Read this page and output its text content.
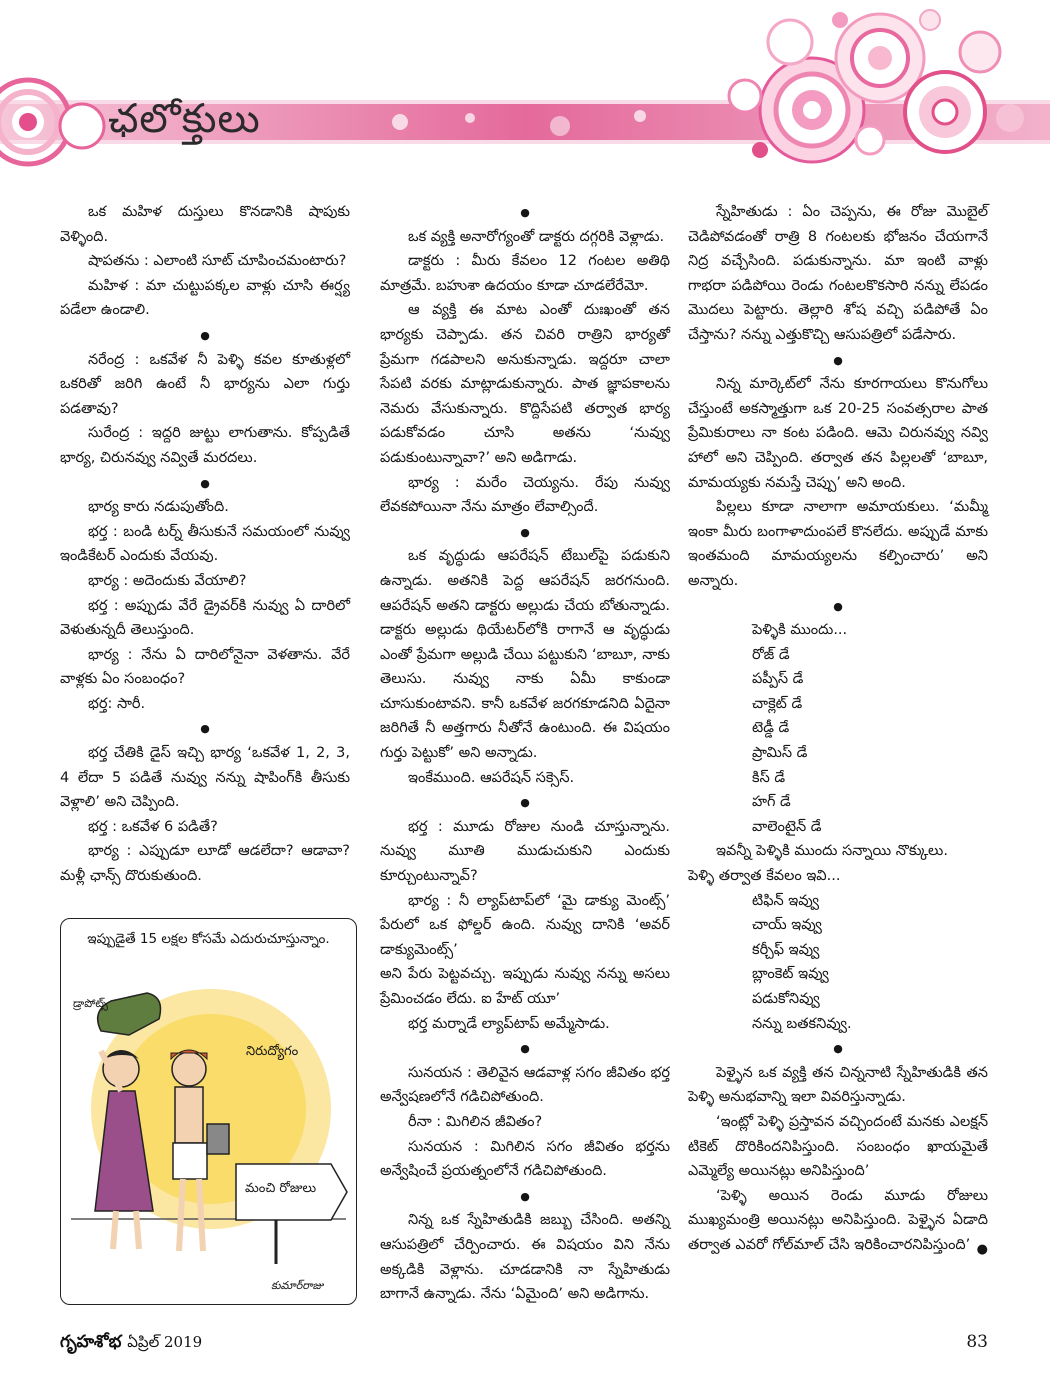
ఛలోక్తులు

ఒక మహిళ దుస్తులు కొనడానికి షాపుకు వెళ్ళింది.

షాపతను : ఎలాంటి సూట్ చూపించమంటారు?

మహిళ : మా చుట్టుపక్కల వాళ్లు చూసి ఈర్ష్య పడేలా ఉండాలి.

●

నరేంద్ర : ఒకవేళ నీ పెళ్ళి కవల కూతుళ్లలో ఒకరితో జరిగి ఉంటే నీ భార్యను ఎలా గుర్తు పడతావు?

సురేంద్ర : ఇద్దరి జుట్టు లాగుతాను. కోప్పడితే భార్య, చిరునవ్వు నవ్వితే మరదలు.

●

భార్య కారు నడుపుతోంది.

భర్త : బండి టర్న్ తీసుకునే సమయంలో నువ్వు ఇండికేటర్ ఎందుకు వేయవు.

భార్య : అదెందుకు వేయాలి?

భర్త : అప్పుడు వేరే డ్రైవర్‌కి నువ్వు ఏ దారిలో వెళుతున్నదీ తెలుస్తుంది.

భార్య : నేను ఏ దారిలోనైనా వెళతాను. వేరే వాళ్లకు ఏం సంబంధం?

భర్త: సారీ.

●

భర్త చేతికి డైస్ ఇచ్చి భార్య ‘ఒకవేళ 1, 2, 3, 4 లేదా 5 పడితే నువ్వు నన్ను షాపింగ్‌కి తీసుకు వెళ్లాలి’ అని చెప్పింది.

భర్త : ఒకవేళ 6 పడితే?

భార్య : ఎప్పుడూ లూడో ఆడలేదా? ఆడావా? మళ్లీ ఛాన్స్ దొరుకుతుంది.

ఇప్పుడైతే 15 లక్షల కోసమే ఎదురుచూస్తున్నాం.
డ్రాపోట్స్
నిరుద్యోగం
మంచి రోజులు
కుమార్‌రాజు
●

ఒక వ్యక్తి అనారోగ్యంతో డాక్టరు దగ్గరికి వెళ్లాడు.

డాక్టరు : మీరు కేవలం 12 గంటల అతిథి మాత్రమే. బహుశా ఉదయం కూడా చూడలేరేమో.

ఆ వ్యక్తి ఈ మాట ఎంతో దుఃఖంతో తన భార్యకు చెప్పాడు. తన చివరి రాత్రిని భార్యతో ప్రేమగా గడపాలని అనుకున్నాడు. ఇద్దరూ చాలా సేపటి వరకు మాట్లాడుకున్నారు. పాత జ్ఞాపకాలను నెమరు వేసుకున్నారు. కొద్దిసేపటి తర్వాత భార్య పడుకోవడం చూసి అతను ‘నువ్వు పడుకుంటున్నావా?’ అని అడిగాడు.

భార్య : మరేం చెయ్యను. రేపు నువ్వు లేవకపోయినా నేను మాత్రం లేవాల్సిందే.

●

ఒక వృద్ధుడు ఆపరేషన్ టేబుల్‌పై పడుకుని ఉన్నాడు. అతనికి పెద్ద ఆపరేషన్ జరగనుంది. ఆపరేషన్ అతని డాక్టరు అల్లుడు చేయ బోతున్నాడు. డాక్టరు అల్లుడు థియేటర్‌లోకి రాగానే ఆ వృద్ధుడు ఎంతో ప్రేమగా అల్లుడి చేయి పట్టుకుని ‘బాబూ, నాకు తెలుసు. నువ్వు నాకు ఏమీ కాకుండా చూసుకుంటావని. కానీ ఒకవేళ జరగకూడనిది ఏదైనా జరిగితే నీ అత్తగారు నీతోనే ఉంటుంది. ఈ విషయం గుర్తు పెట్టుకో’ అని అన్నాడు.

ఇంకేముంది. ఆపరేషన్ సక్సెస్.

●

భర్త : మూడు రోజుల నుండి చూస్తున్నాను. నువ్వు మూతి ముడుచుకుని ఎందుకు కూర్చుంటున్నావ్?

భార్య : నీ ల్యాప్‌టాప్‌లో ‘మై డాక్యు మెంట్స్’ పేరులో ఒక ఫోల్డర్ ఉంది. నువ్వు దానికి ‘అవర్ డాక్యుమెంట్స్’

అని పేరు పెట్టవచ్చు. ఇప్పుడు నువ్వు నన్ను అసలు ప్రేమించడం లేదు. ఐ హేట్ యూ’

భర్త మర్నాడే ల్యాప్‌టాప్ అమ్మేసాడు.

●

సునయన : తెలివైన ఆడవాళ్ల సగం జీవితం భర్త అన్వేషణలోనే గడిచిపోతుంది.

రీనా : మిగిలిన జీవితం?

సునయన : మిగిలిన సగం జీవితం భర్తను అన్వేషించే ప్రయత్నంలోనే గడిచిపోతుంది.

●

నిన్న ఒక స్నేహితుడికి జబ్బు చేసింది. అతన్ని ఆసుపత్రిలో చేర్పించారు. ఈ విషయం విని నేను అక్కడికి వెళ్లాను. చూడడానికి నా స్నేహితుడు బాగానే ఉన్నాడు. నేను ‘ఏమైంది’ అని అడిగాను.

స్నేహితుడు : ఏం చెప్పను, ఈ రోజు మొబైల్ చెడిపోవడంతో రాత్రి 8 గంటలకు భోజనం చేయగానే నిద్ర వచ్చేసింది. పడుకున్నాను. మా ఇంటి వాళ్లు గాభరా పడిపోయి రెండు గంటలకొకసారి నన్ను లేపడం మొదలు పెట్టారు. తెల్లారి శోష వచ్చి పడిపోతే ఏం చేస్తాను? నన్ను ఎత్తుకొచ్చి ఆసుపత్రిలో పడేసారు.

●

నిన్న మార్కెట్‌లో నేను కూరగాయలు కొనుగోలు చేస్తుంటే అకస్మాత్తుగా ఒక 20-25 సంవత్సరాల పాత ప్రేమికురాలు నా కంట పడింది. ఆమె చిరునవ్వు నవ్వి హాలో అని చెప్పింది. తర్వాత తన పిల్లలతో ‘బాబూ, మామయ్యకు నమస్తే చెప్పు’ అని అంది.

పిల్లలు కూడా నాలాగా అమాయకులు. ‘మమ్మీ ఇంకా మీరు బంగాళాదుంపలే కొనలేదు. అప్పుడే మాకు ఇంతమంది మామయ్యలను కల్పించారు’ అని అన్నారు.

●

పెళ్ళికి ముందు...

రోజ్ డే

పప్పీస్ డే

చాక్లెట్ డే

టెడ్డీ డే

ప్రామిస్ డే

కిస్ డే

హగ్ డే

వాలెంటైన్ డే

ఇవన్నీ పెళ్ళికి ముందు సన్నాయి నొక్కులు.

పెళ్ళి తర్వాత కేవలం ఇవి...

టిఫిన్ ఇవ్వు

చాయ్ ఇవ్వు

కర్చీఫ్ ఇవ్వు

బ్లాంకెట్ ఇవ్వు

పడుకోనివ్వు

నన్ను బతకనివ్వు.

●

పెళ్ళైన ఒక వ్యక్తి తన చిన్ననాటి స్నేహితుడికి తన పెళ్ళి అనుభవాన్ని ఇలా వివరిస్తున్నాడు.

‘ఇంట్లో పెళ్ళి ప్రస్తావన వచ్చిందంటే మనకు ఎలక్షన్ టికెట్ దొరికిందనిపిస్తుంది. సంబంధం ఖాయమైతే ఎమ్మెల్యే అయినట్లు అనిపిస్తుంది’

‘పెళ్ళి అయిన రెండు మూడు రోజులు ముఖ్యమంత్రి అయినట్లు అనిపిస్తుంది. పెళ్ళైన ఏడాది తర్వాత ఎవరో గోల్‌మాల్ చేసి ఇరికించారనిపిస్తుంది’ ●
గృహశోభ ఏప్రిల్ 2019	83
